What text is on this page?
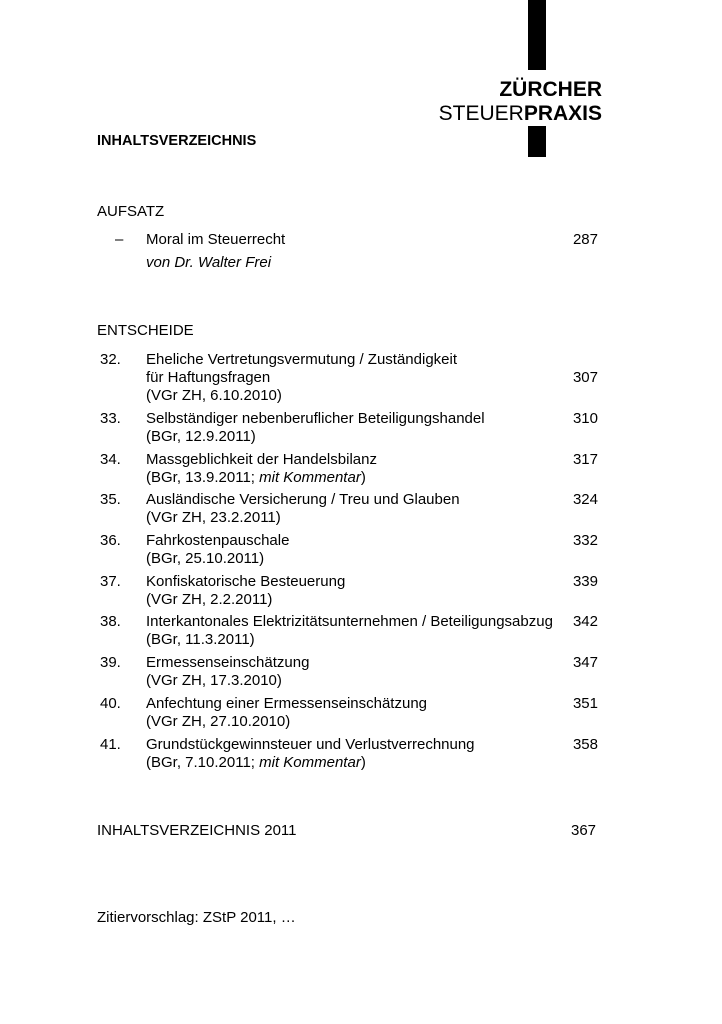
ZÜRCHER
STEUERPRAXIS
INHALTSVERZEICHNIS
AUFSATZ
– Moral im Steuerrecht
von Dr. Walter Frei
287
ENTSCHEIDE
32. Eheliche Vertretungsvermutung / Zuständigkeit
für Haftungsfragen
(VGr ZH, 6.10.2010)
307
33. Selbständiger nebenberuflicher Beteiligungshandel
(BGr, 12.9.2011)
310
34. Massgeblichkeit der Handelsbilanz
(BGr, 13.9.2011; mit Kommentar)
317
35. Ausländische Versicherung / Treu und Glauben
(VGr ZH, 23.2.2011)
324
36. Fahrkostenpauschale
(BGr, 25.10.2011)
332
37. Konfiskatorische Besteuerung
(VGr ZH, 2.2.2011)
339
38. Interkantonales Elektrizitätsunternehmen / Beteiligungsabzug
(BGr, 11.3.2011)
342
39. Ermessenseinschätzung
(VGr ZH, 17.3.2010)
347
40. Anfechtung einer Ermessenseinschätzung
(VGr ZH, 27.10.2010)
351
41. Grundstückgewinnsteuer und Verlustverrechnung
(BGr, 7.10.2011; mit Kommentar)
358
INHALTSVERZEICHNIS 2011	367
Zitiervorschlag: ZStP 2011, …
